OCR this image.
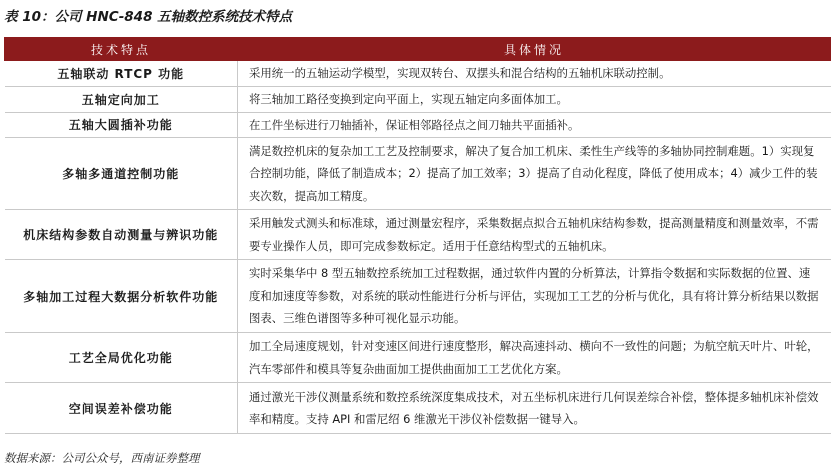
表 10：公司 HNC-848 五轴数控系统技术特点
技术特点	具体情况
五轴联动 RTCP 功能	采用统一的五轴运动学模型，实现双转台、双摆头和混合结构的五轴机床联动控制。
五轴定向加工	将三轴加工路径变换到定向平面上，实现五轴定向多面体加工。
五轴大圆插补功能	在工件坐标进行刀轴插补，保证相邻路径点之间刀轴共平面插补。
多轴多通道控制功能	满足数控机床的复杂加工工艺及控制要求，解决了复合加工机床、柔性生产线等的多轴协同控制难题。1）实现复合控制功能，降低了制造成本；2）提高了加工效率；3）提高了自动化程度，降低了使用成本；4）减少工件的装夹次数，提高加工精度。
机床结构参数自动测量与辨识功能	采用触发式测头和标准球，通过测量宏程序，采集数据点拟合五轴机床结构参数，提高测量精度和测量效率，不需要专业操作人员，即可完成参数标定。适用于任意结构型式的五轴机床。
多轴加工过程大数据分析软件功能	实时采集华中 8 型五轴数控系统加工过程数据，通过软件内置的分析算法，计算指令数据和实际数据的位置、速度和加速度等参数，对系统的联动性能进行分析与评估，实现加工工艺的分析与优化，具有将计算分析结果以数据图表、三维色谱图等多种可视化显示功能。
工艺全局优化功能	加工全局速度规划，针对变速区间进行速度整形，解决高速抖动、横向不一致性的问题；为航空航天叶片、叶轮，汽车零部件和模具等复杂曲面加工提供曲面加工工艺优化方案。
空间误差补偿功能	通过激光干涉仪测量系统和数控系统深度集成技术，对五坐标机床进行几何误差综合补偿，整体提多轴机床补偿效率和精度。支持 API 和雷尼绍 6 维激光干涉仪补偿数据一键导入。
数据来源：公司公众号，西南证券整理
